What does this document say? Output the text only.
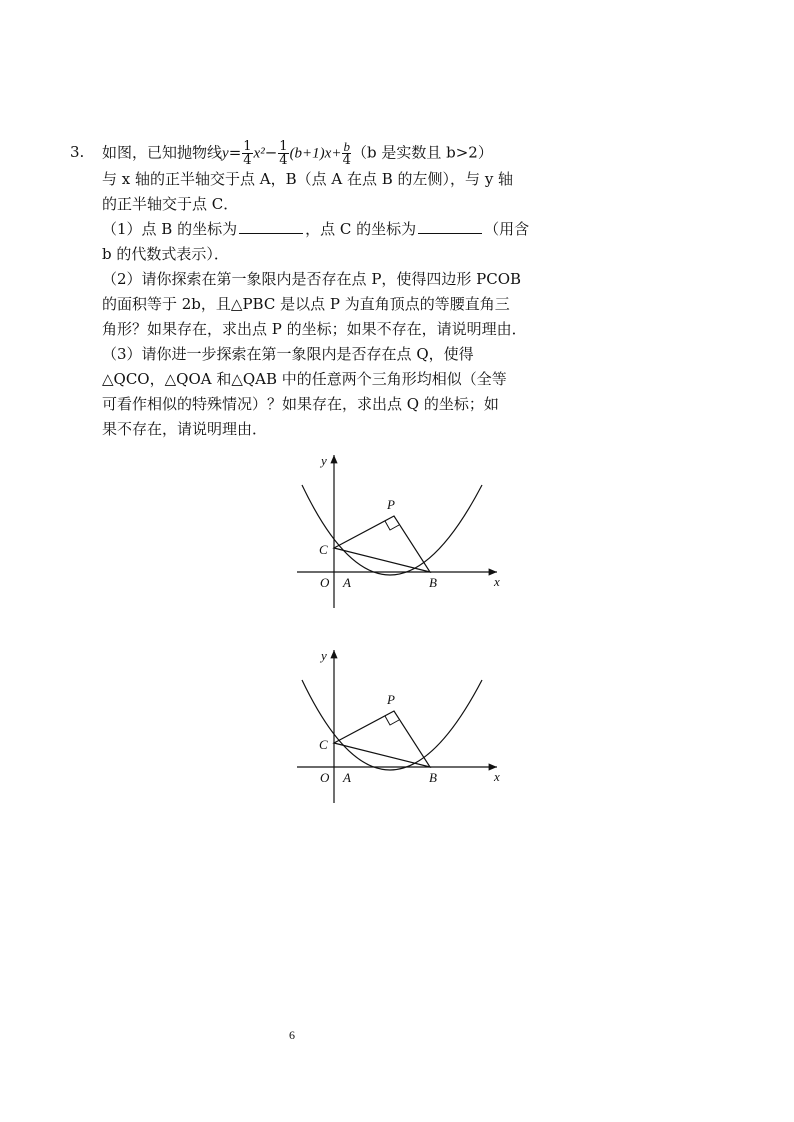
3. 如图，已知抛物线$y= \frac{1}{4} x^2- \frac{1}{4} (b+1)x+ \frac{b}{4} (b$ 是实数且 b>2）
与 x 轴的正半轴交于点 A，B（点 A 在点 B 的左侧），与 y 轴
的正半轴交于点 C．
（1）点 B 的坐标为	，点 C 的坐标为	（用含
b 的代数式表示）．
（2）请你探索在第一象限内是否存在点 P，使得四边形 PCOB
的面积等于 2b，且△PBC 是以点 P 为直角顶点的等腰直角三
角形？如果存在，求出点 P 的坐标；如果不存在，请说明理由．
（3）请你进一步探索在第一象限内是否存在点 Q，使得
△QCO，△QOA 和△QAB 中的任意两个三角形均相似（全等
可看作相似的特殊情况）？如果存在，求出点 Q 的坐标；如
果不存在，请说明理由．
y
x
O A	B
C
P
y
x
O A	B
C
P
6
